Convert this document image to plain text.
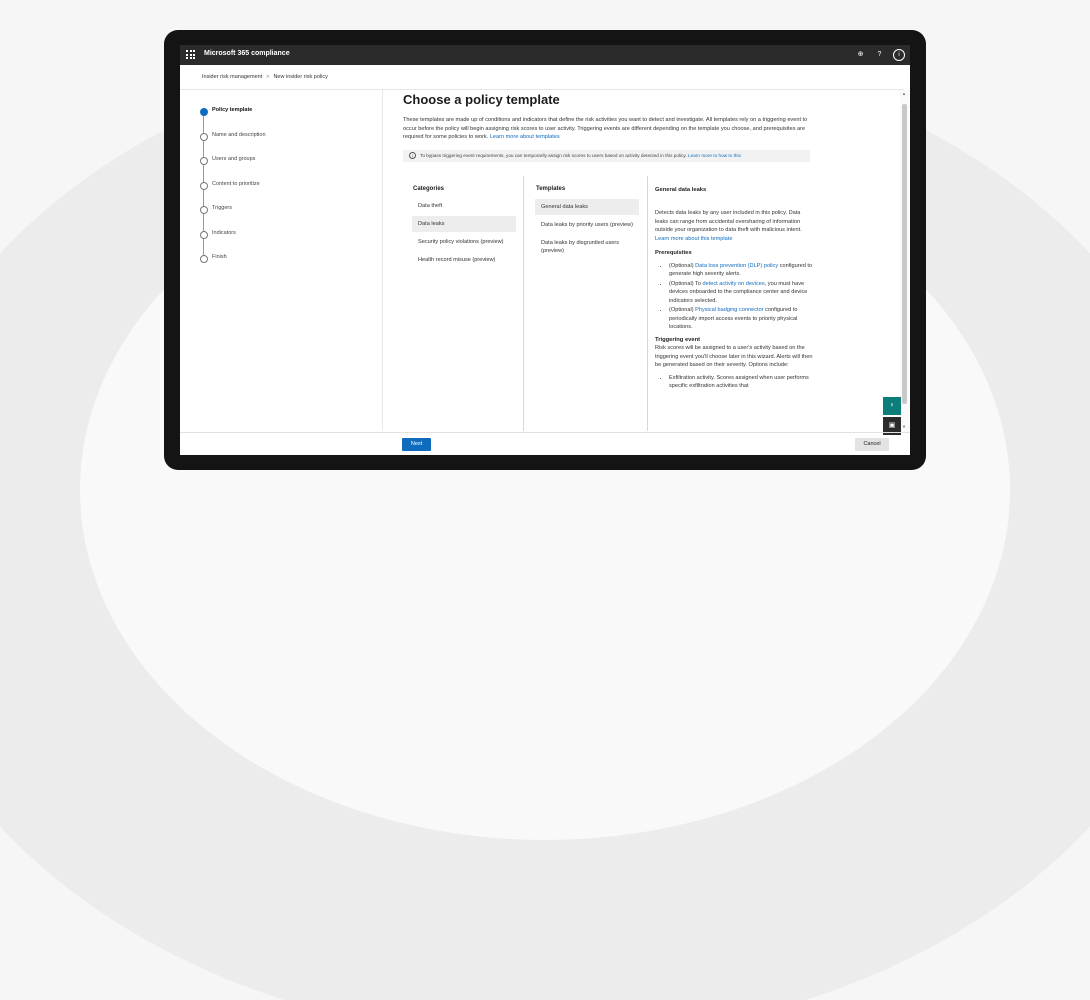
Microsoft 365 compliance	⊕	?	i
Insider risk management > New insider risk policy
Policy template
Name and description
Users and groups
Content to prioritize
Triggers
Indicators
Finish
Choose a policy template
These templates are made up of conditions and indicators that define the risk activities you want to detect and investigate. All templates rely on a triggering event to occur before the policy will begin assigning risk scores to user activity. Triggering events are different depending on the template you choose, and prerequisites are required for some policies to work. Learn more about templates
i To bypass triggering event requirements, you can temporarily assign risk scores to users based on activity detected in this policy. Learn more to how to this
Categories
Data theft
Data leaks
Security policy violations (preview)
Health record misuse (preview)
Templates
General data leaks
Data leaks by priority users (preview)
Data leaks by disgruntled users (preview)
General data leaks
Detects data leaks by any user included in this policy. Data leaks can range from accidental oversharing of information outside your organization to data theft with malicious intent.
Learn more about this template
Prerequisites
• (Optional) Data loss prevention (DLP) policy configured to generate high severity alerts.
• (Optional) To detect activity on devices, you must have devices onboarded to the compliance center and device indicators selected.
• (Optional) Physical badging connector configured to periodically import access events to priority physical locations.
Triggering event
Risk scores will be assigned to a user's activity based on the triggering event you'll choose later in this wizard. Alerts will then be generated based on their severity. Options include:
• Exfiltration activity. Scores assigned when user performs specific exfiltration activities that
▲
▼
♀
▣
Next	Cancel
